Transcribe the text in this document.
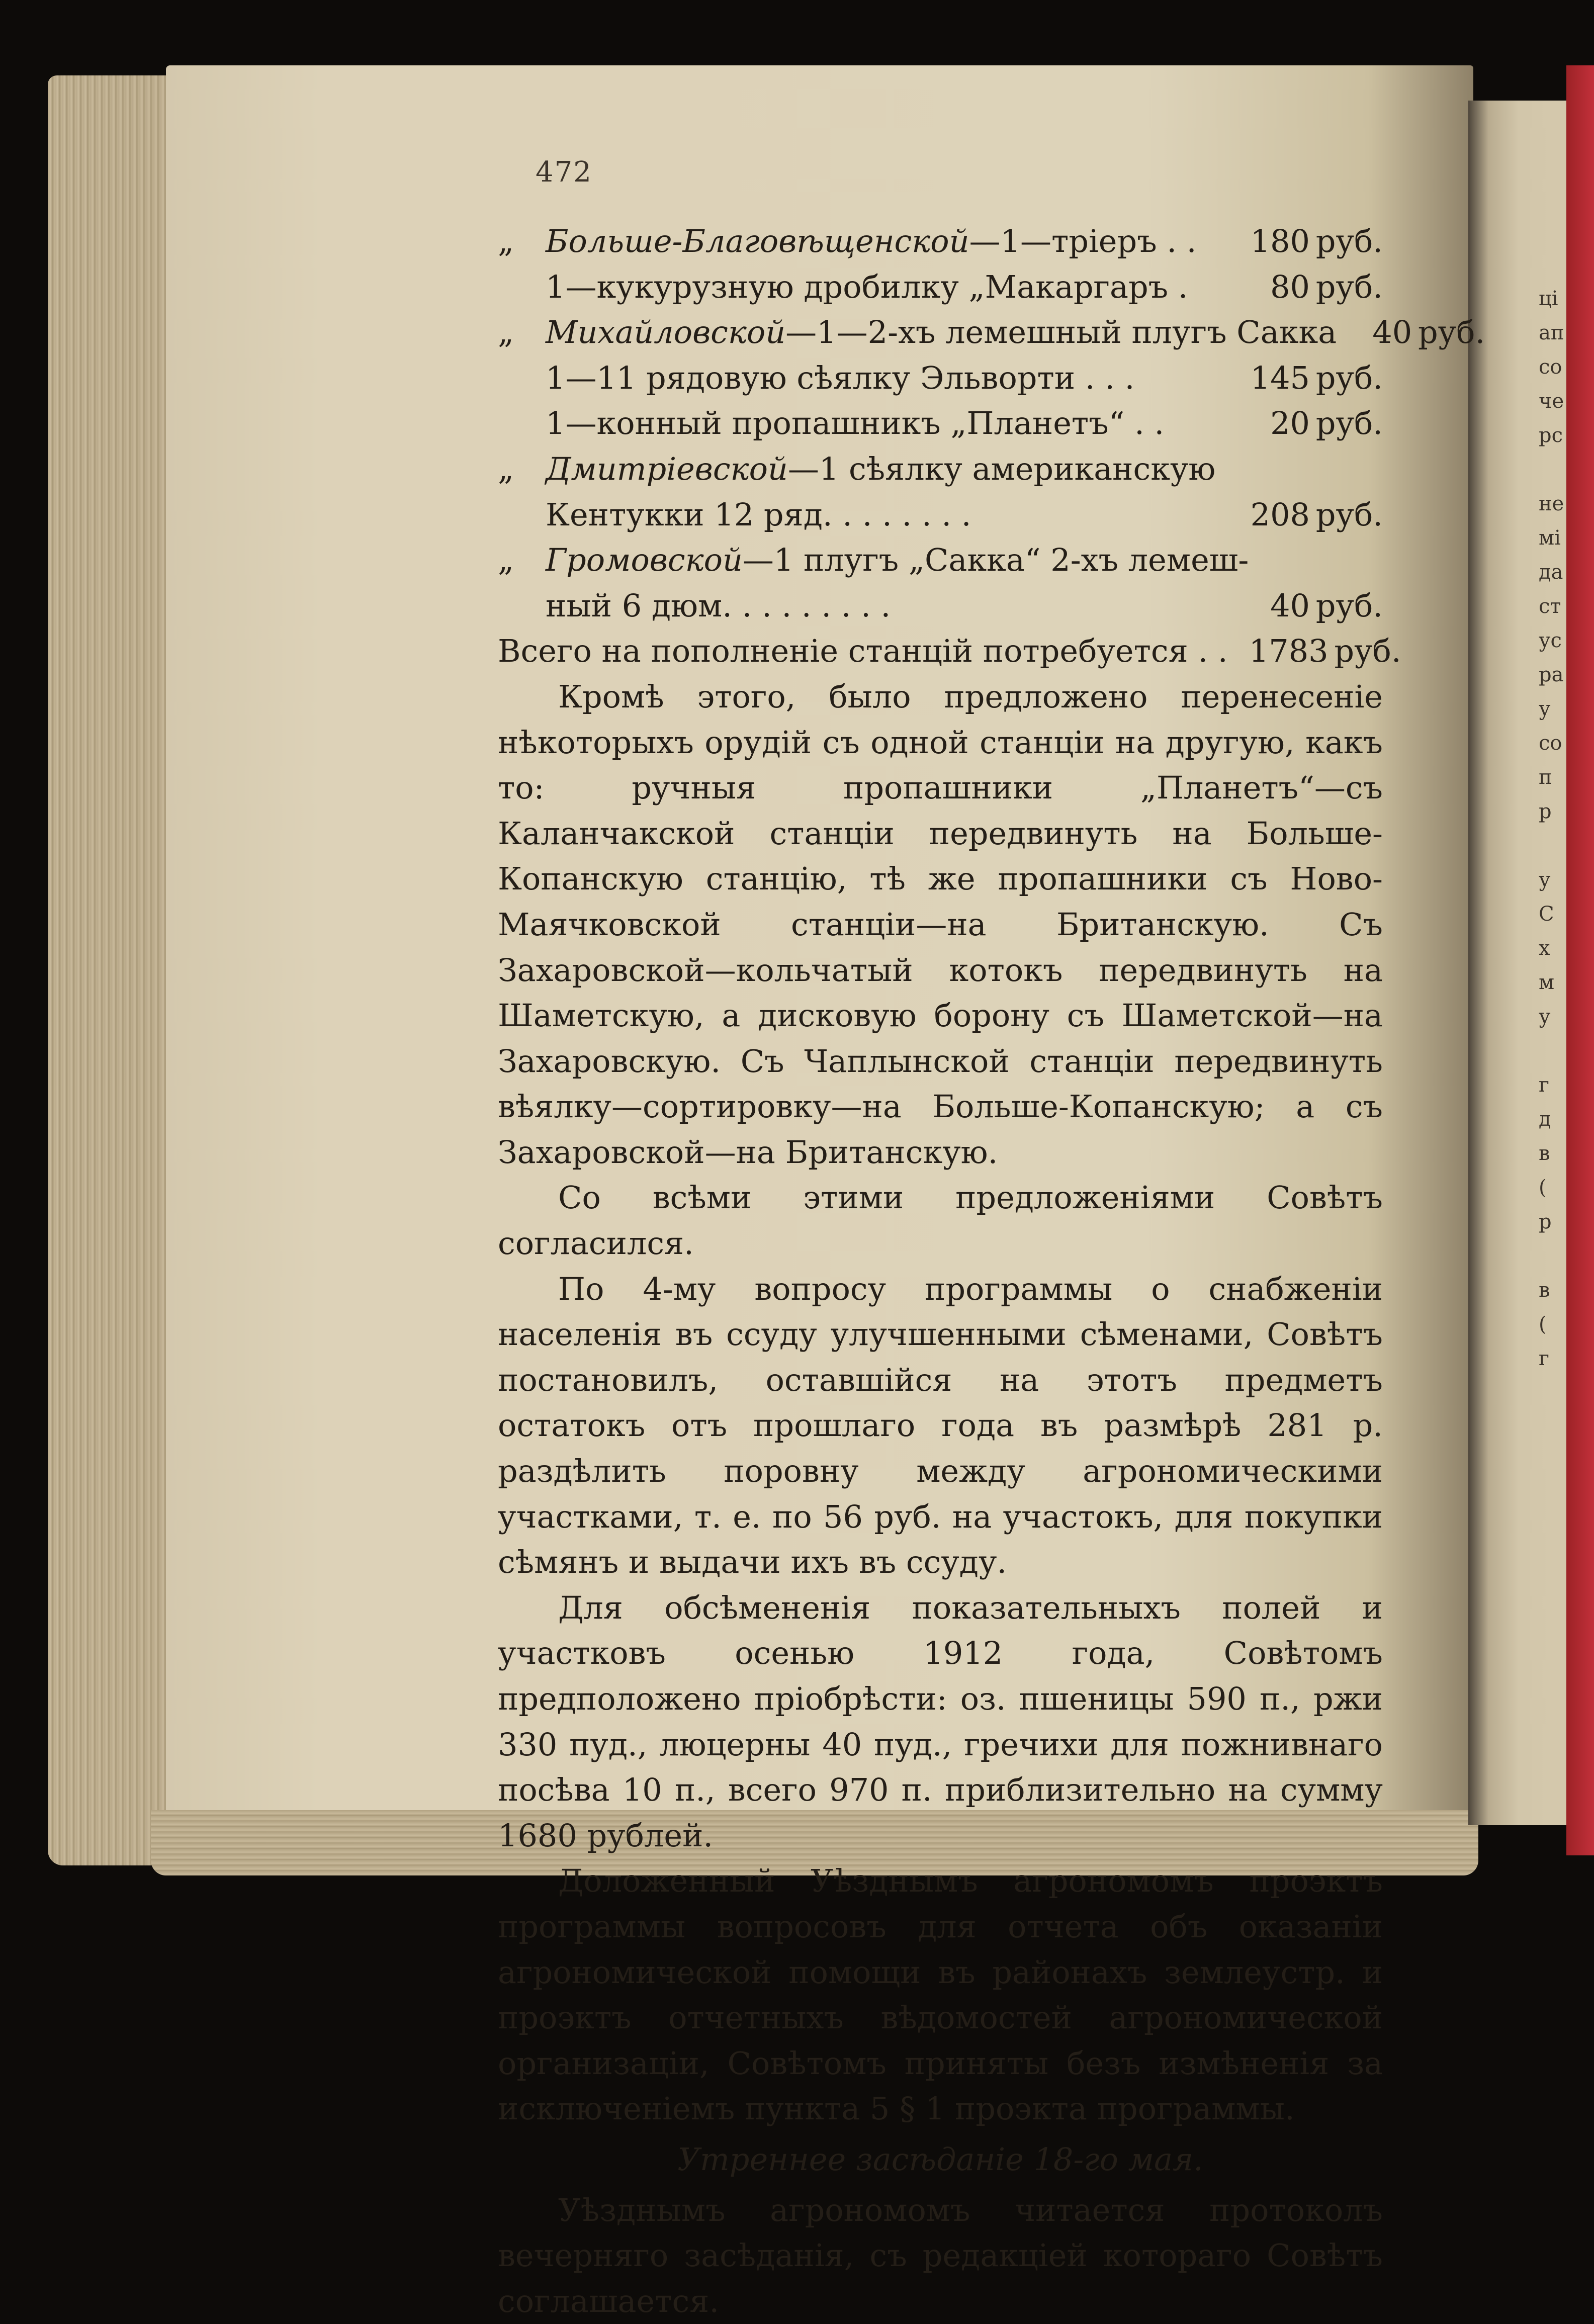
ці
ап
со
че
рс
не
мі
да
ст
ус
ра
у
со
п
р
у
С
х
м
у
г
д
в
(
р
в
(
г
472
„	Больше-Благовѣщенской—1—тріеръ . .	180 руб.
1—кукурузную дробилку „Макаргаръ .	80 руб.
„	Михайловской—1—2-хъ лемешный плугъ Сакка	40 руб.
1—11 рядовую сѣялку Эльворти . . .	145 руб.
1—конный пропашникъ „Планетъ“ . .	20 руб.
„	Дмитріевской—1 сѣялку американскую
Кентукки 12 ряд. . . . . . . .	208 руб.
„	Громовской—1 плугъ „Сакка“ 2-хъ лемеш-
ный 6 дюм. . . . . . . . .	40 руб.
Всего на пополненіе станцій потребуется . . 1783 руб.

Кромѣ этого, было предложено перенесеніе нѣкоторыхъ орудій съ одной станціи на другую, какъ то: ручныя пропашники „Планетъ“—съ Каланчакской станціи передвинуть на Больше-Копанскую станцію, тѣ же пропашники съ Ново-Маячковской станціи—на Британскую. Съ Захаровской—кольчатый котокъ передвинуть на Шаметскую, а дисковую борону съ Шаметской—на Захаровскую. Съ Чаплынской станціи передвинуть вѣялку—сортировку—на Больше-Копанскую; а съ Захаровской—на Британскую.

Со всѣми этими предложеніями Совѣтъ согласился.

По 4-му вопросу программы о снабженіи населенія въ ссуду улучшенными сѣменами, Совѣтъ постановилъ, оставшійся на этотъ предметъ остатокъ отъ прошлаго года въ размѣрѣ 281 р. раздѣлить поровну между агрономическими участками, т. е. по 56 руб. на участокъ, для покупки сѣмянъ и выдачи ихъ въ ссуду.

Для обсѣмененія показательныхъ полей и участковъ осенью 1912 года, Совѣтомъ предположено пріобрѣсти: оз. пшеницы 590 п., ржи 330 пуд., люцерны 40 пуд., гречихи для пожнивнаго посѣва 10 п., всего 970 п. приблизительно на сумму 1680 рублей.

Доложенный Уѣзднымъ агрономомъ проэктъ программы вопросовъ для отчета объ оказаніи агрономической помощи въ районахъ землеустр. и проэктъ отчетныхъ вѣдомостей агрономической организаціи, Совѣтомъ приняты безъ измѣненія за исключеніемъ пункта 5 § 1 проэкта программы.

Утреннее засѣданіе 18-го мая.

Уѣзднымъ агрономомъ читается протоколъ вечерняго засѣданія, съ редакціей котораго Совѣтъ соглашается.
